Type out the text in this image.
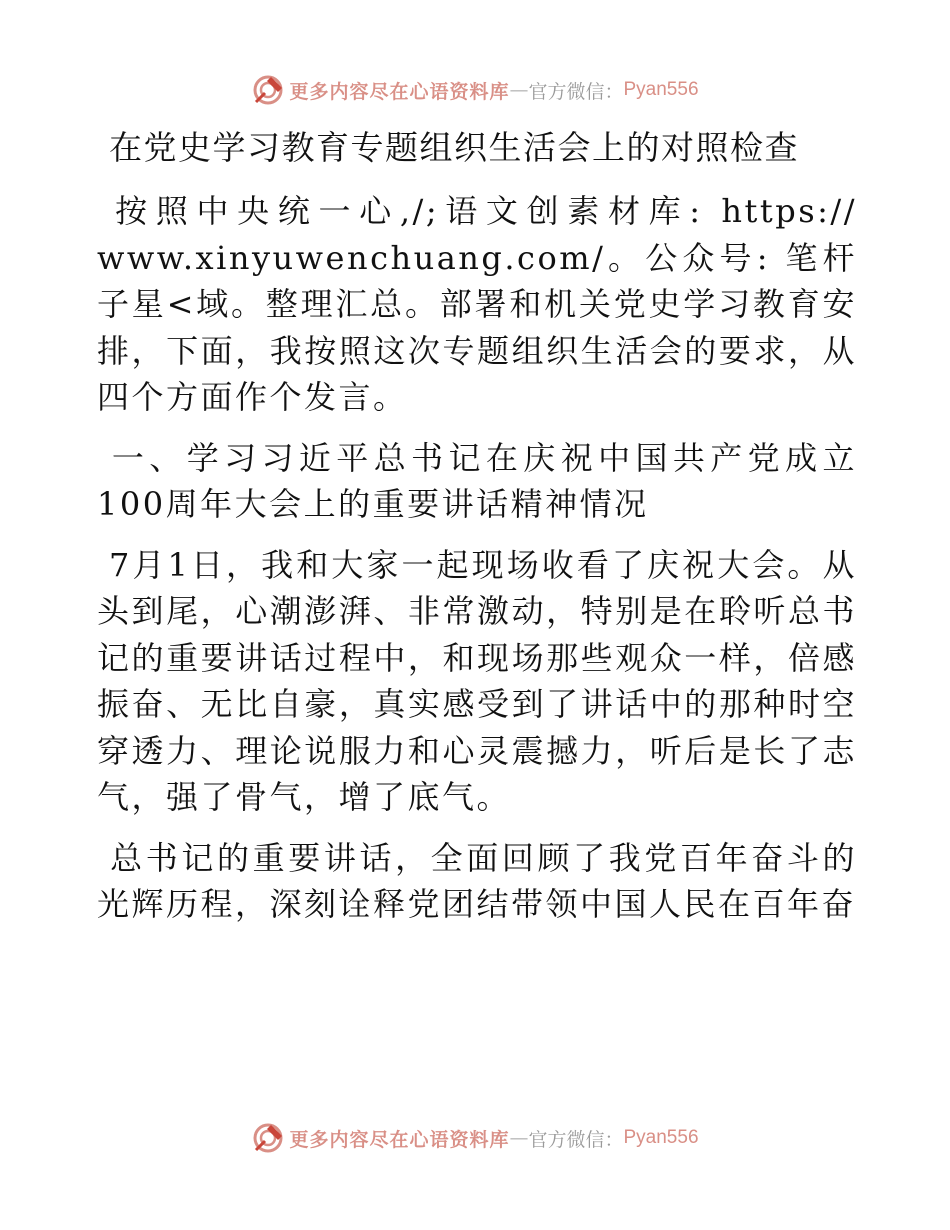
更多内容尽在心语资料库 — 官方微信： Pyan556
在党史学习教育专题组织生活会上的对照检查

按照中央统一心,/;语文创素材库: https:// www.xinyuwenchuang.com/。公众号: 笔杆子星<域。整理汇总。部署和机关党史学习教育安排，下面，我按照这次专题组织生活会的要求，从四个方面作个发言。

一、学习习近平总书记在庆祝中国共产党成立100周年大会上的重要讲话精神情况

7月1日，我和大家一起现场收看了庆祝大会。从头到尾，心潮澎湃、非常激动，特别是在聆听总书记的重要讲话过程中，和现场那些观众一样，倍感振奋、无比自豪，真实感受到了讲话中的那种时空穿透力、理论说服力和心灵震撼力，听后是长了志气，强了骨气，增了底气。

总书记的重要讲话，全面回顾了我党百年奋斗的光辉历程，深刻诠释党团结带领中国人民在百年奋

更多内容尽在心语资料库 — 官方微信： Pyan556
